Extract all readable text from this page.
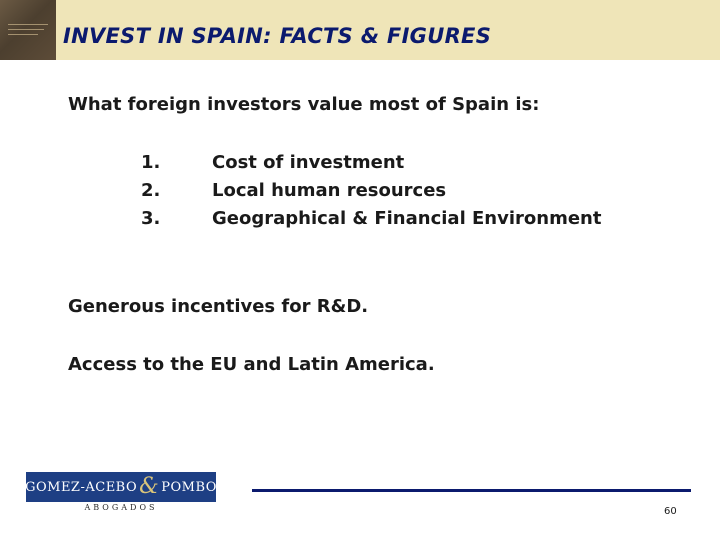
INVEST IN SPAIN: FACTS & FIGURES
What foreign investors value most of Spain is:
1.	Cost of investment
2.	Local human resources
3.	Geographical & Financial Environment
Generous incentives for R&D.
Access to the EU and Latin America.
GOMEZ-ACEBO & POMBO
ABOGADOS	60
